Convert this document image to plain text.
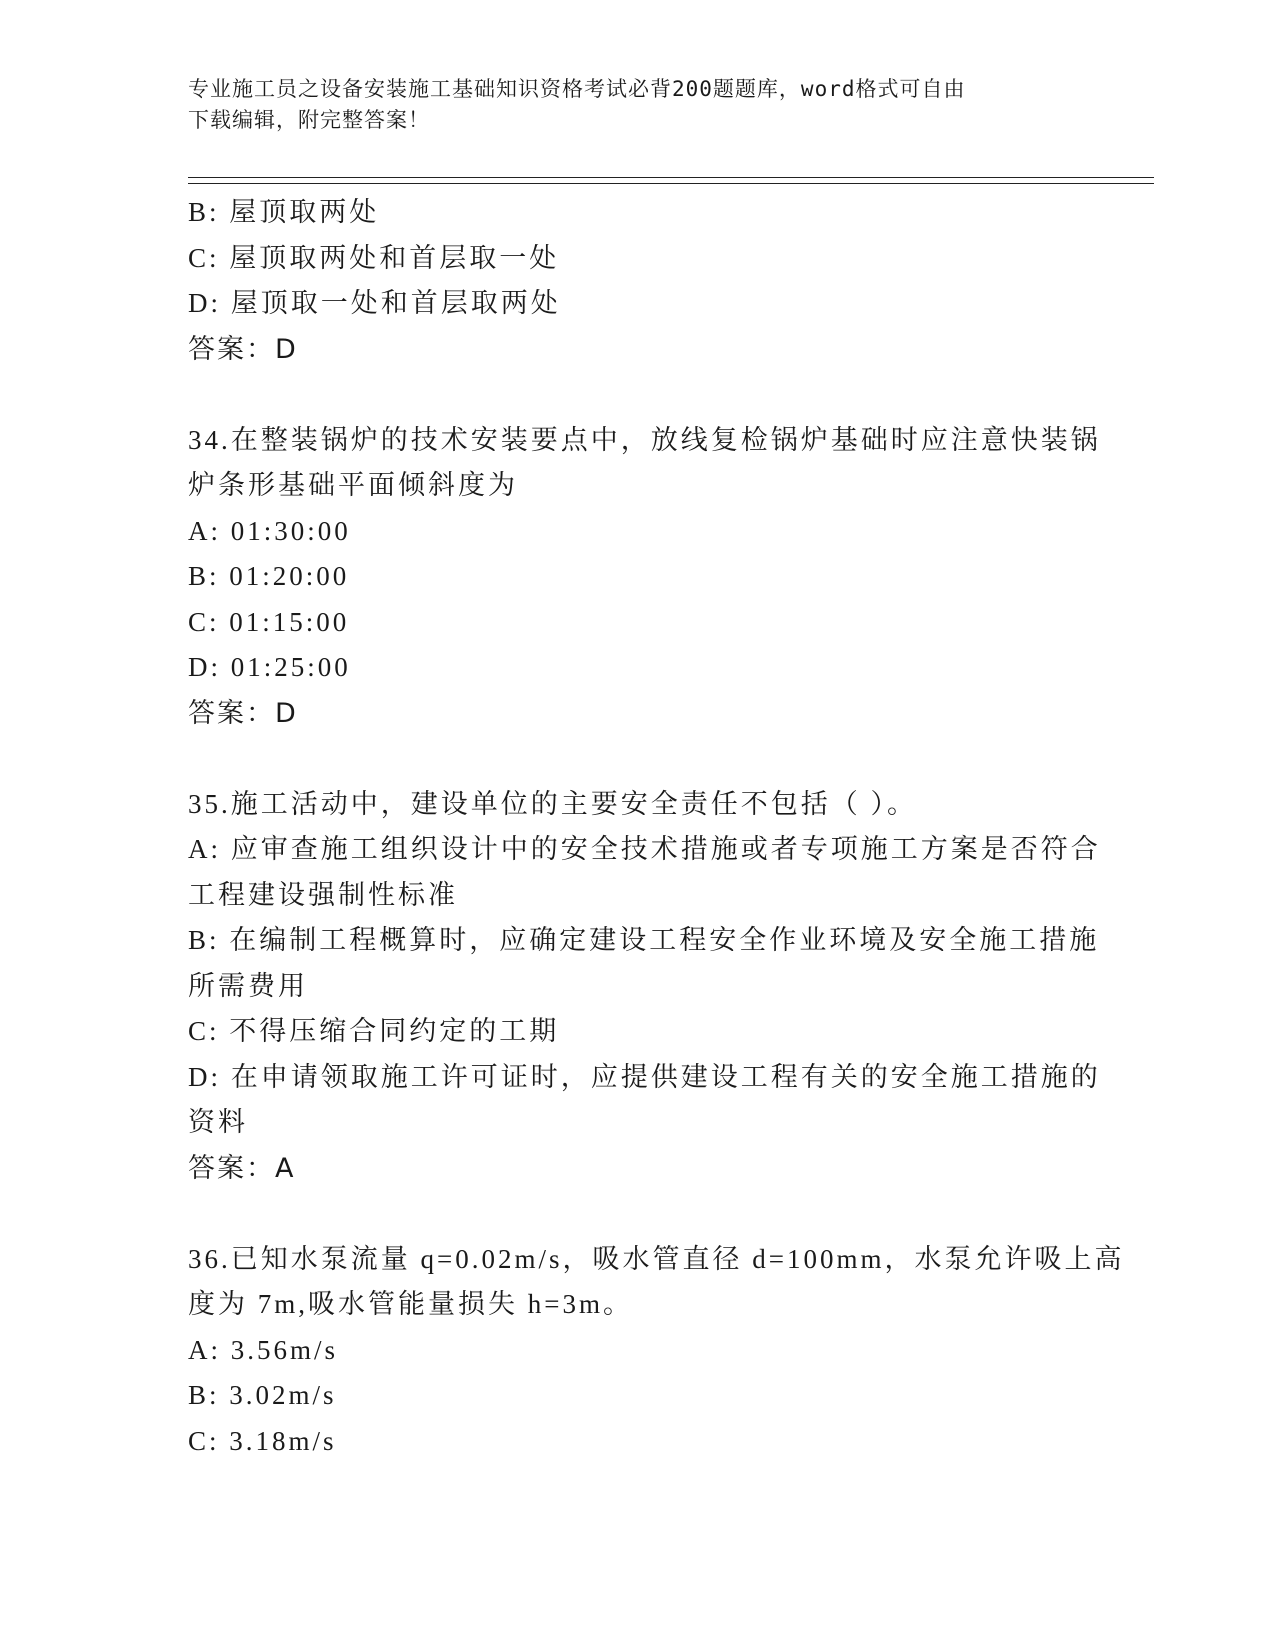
专业施工员之设备安装施工基础知识资格考试必背200题题库，word格式可自由
下载编辑，附完整答案！

B: 屋顶取两处

C: 屋顶取两处和首层取一处

D: 屋顶取一处和首层取两处

答案：D

34.在整装锅炉的技术安装要点中，放线复检锅炉基础时应注意快装锅

炉条形基础平面倾斜度为

A: 01:30:00

B: 01:20:00

C: 01:15:00

D: 01:25:00

答案：D

35.施工活动中，建设单位的主要安全责任不包括（ ）。

A: 应审查施工组织设计中的安全技术措施或者专项施工方案是否符合

工程建设强制性标准

B: 在编制工程概算时，应确定建设工程安全作业环境及安全施工措施

所需费用

C: 不得压缩合同约定的工期

D: 在申请领取施工许可证时，应提供建设工程有关的安全施工措施的

资料

答案：A

36.已知水泵流量 q=0.02m/s，吸水管直径 d=100mm，水泵允许吸上高

度为 7m,吸水管能量损失 h=3m。

A: 3.56m/s

B: 3.02m/s

C: 3.18m/s
